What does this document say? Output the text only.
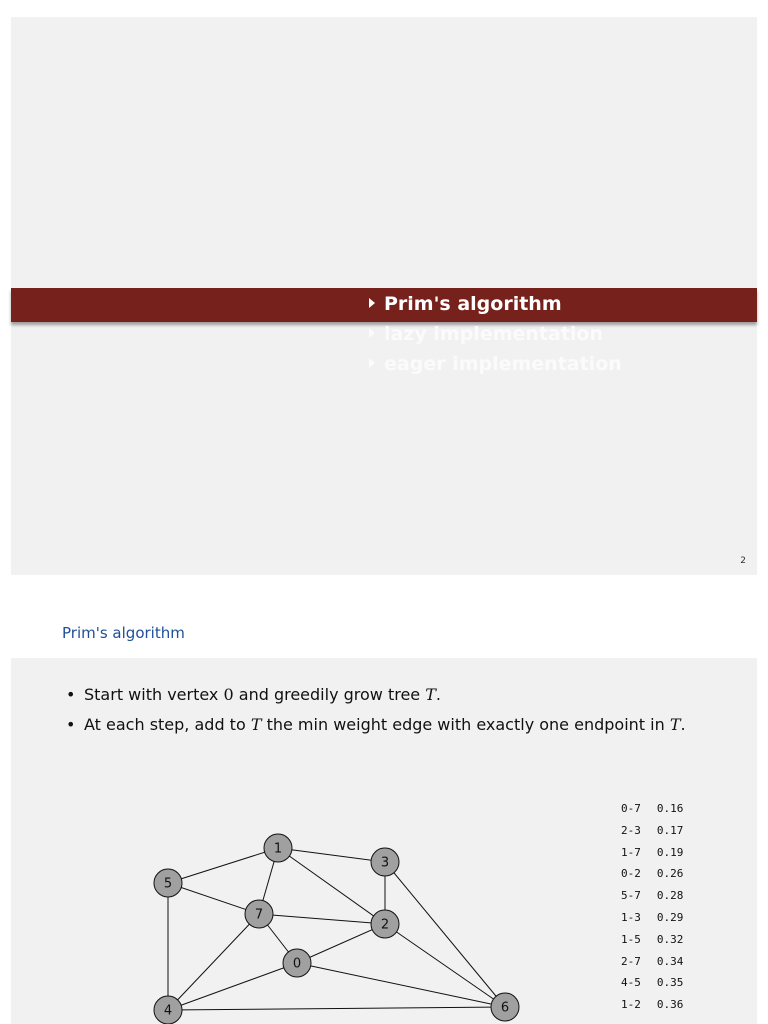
Prim's algorithm
lazy implementation
eager implementation
2
Prim's algorithm
• Start with vertex 0 and greedily grow tree T.
• At each step, add to T the min weight edge with exactly one endpoint in T.
0
1
2
3
4
5
6
7
0-7 0.16
2-3 0.17
1-7 0.19
0-2 0.26
5-7 0.28
1-3 0.29
1-5 0.32
2-7 0.34
4-5 0.35
1-2 0.36
